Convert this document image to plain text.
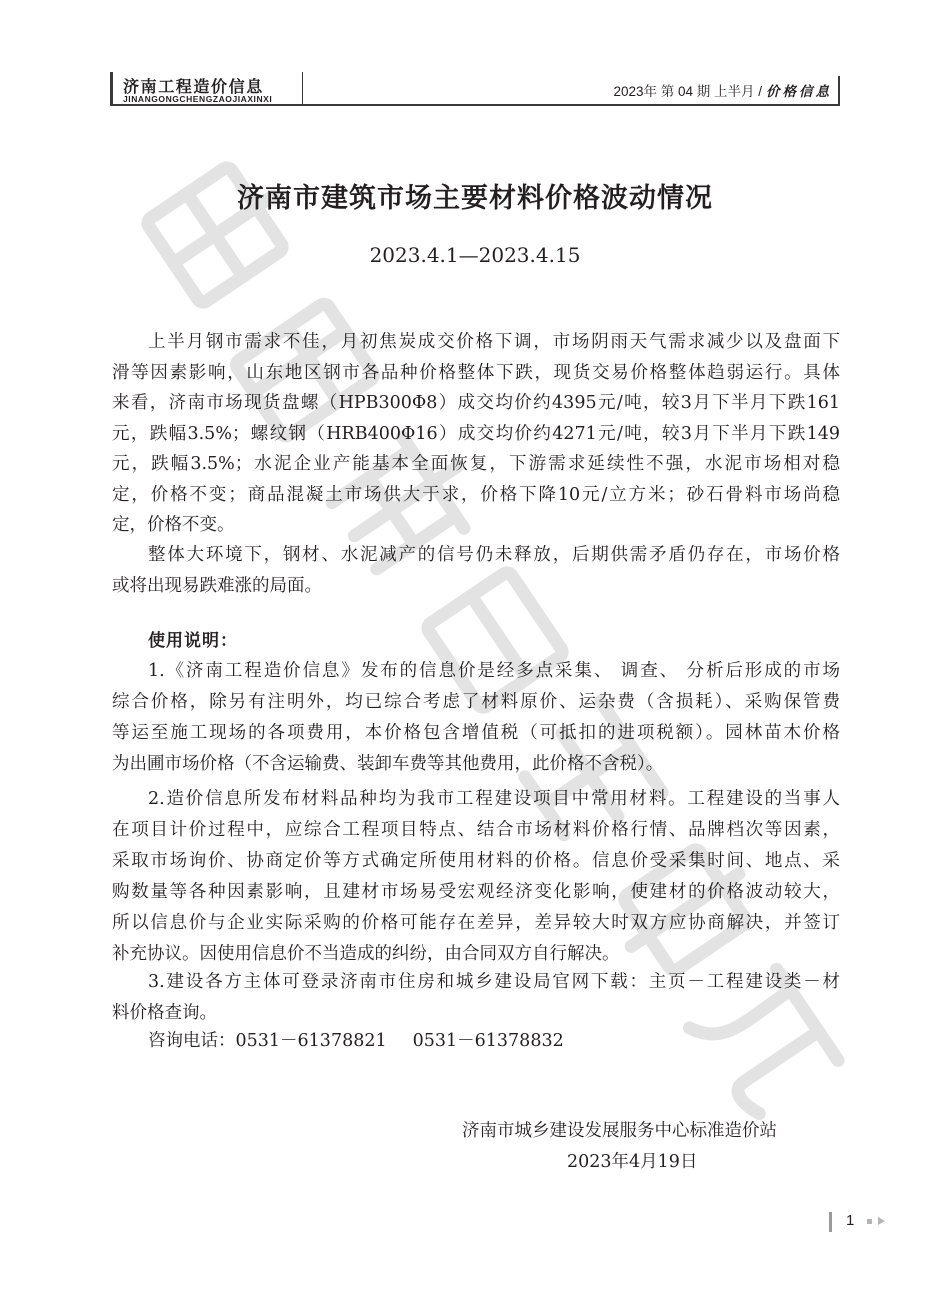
济南工程造价信息
JINANGONGCHENGZAOJIAXINXI	2023年 第 04 期 上半月 / 价格信息
济南市建筑市场主要材料价格波动情况
2023.4.1—2023.4.15
上半月钢市需求不佳，月初焦炭成交价格下调，市场阴雨天气需求减少以及盘面下
滑等因素影响，山东地区钢市各品种价格整体下跌，现货交易价格整体趋弱运行。具体
来看，济南市场现货盘螺（HPB300Φ8）成交均价约4395元/吨，较3月下半月下跌161
元，跌幅3.5%；螺纹钢（HRB400Φ16）成交均价约4271元/吨，较3月下半月下跌149
元，跌幅3.5%；水泥企业产能基本全面恢复，下游需求延续性不强，水泥市场相对稳
定，价格不变；商品混凝土市场供大于求，价格下降10元/立方米；砂石骨料市场尚稳
定，价格不变。
整体大环境下，钢材、水泥减产的信号仍未释放，后期供需矛盾仍存在，市场价格
或将出现易跌难涨的局面。
使用说明：
1.《济南工程造价信息》发布的信息价是经多点采集、 调查、 分析后形成的市场
综合价格，除另有注明外，均已综合考虑了材料原价、运杂费（含损耗）、采购保管费
等运至施工现场的各项费用，本价格包含增值税（可抵扣的进项税额）。园林苗木价格
为出圃市场价格（不含运输费、装卸车费等其他费用，此价格不含税）。
2.造价信息所发布材料品种均为我市工程建设项目中常用材料。工程建设的当事人
在项目计价过程中，应综合工程项目特点、结合市场材料价格行情、品牌档次等因素，
采取市场询价、协商定价等方式确定所使用材料的价格。信息价受采集时间、地点、采
购数量等各种因素影响，且建材市场易受宏观经济变化影响，使建材的价格波动较大，
所以信息价与企业实际采购的价格可能存在差异，差异较大时双方应协商解决，并签订
补充协议。因使用信息价不当造成的纠纷，由合同双方自行解决。
3.建设各方主体可登录济南市住房和城乡建设局官网下载：主页－工程建设类－材
料价格查询。
咨询电话：0531－61378821 0531－61378832
济南市城乡建设发展服务中心标准造价站
2023年4月19日
1
